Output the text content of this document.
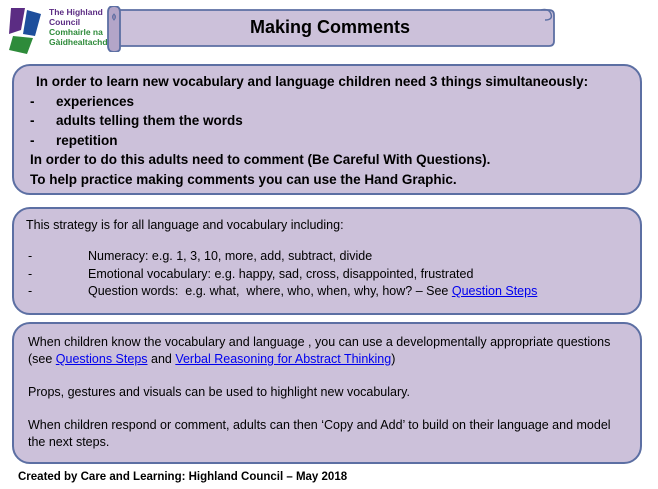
The Highland
Council
Comhairle na
Gàidhealtachd
Making Comments
In order to learn new vocabulary and language children need 3 things simultaneously:
-	experiences
-	adults telling them the words
-	repetition
In order to do this adults need to comment (Be Careful With Questions).
To help practice making comments you can use the Hand Graphic.
This strategy is for all language and vocabulary including:
-	Numeracy: e.g. 1, 3, 10, more, add, subtract, divide
-	Emotional vocabulary: e.g. happy, sad, cross, disappointed, frustrated
-	Question words:  e.g. what,  where, who, when, why, how? – See Question Steps

When children know the vocabulary and language , you can use a developmentally appropriate questions (see Questions Steps and Verbal Reasoning for Abstract Thinking)

Props, gestures and visuals can be used to highlight new vocabulary.

When children respond or comment, adults can then ‘Copy and Add’ to build on their language and model the next steps.

Created by Care and Learning: Highland Council – May 2018
